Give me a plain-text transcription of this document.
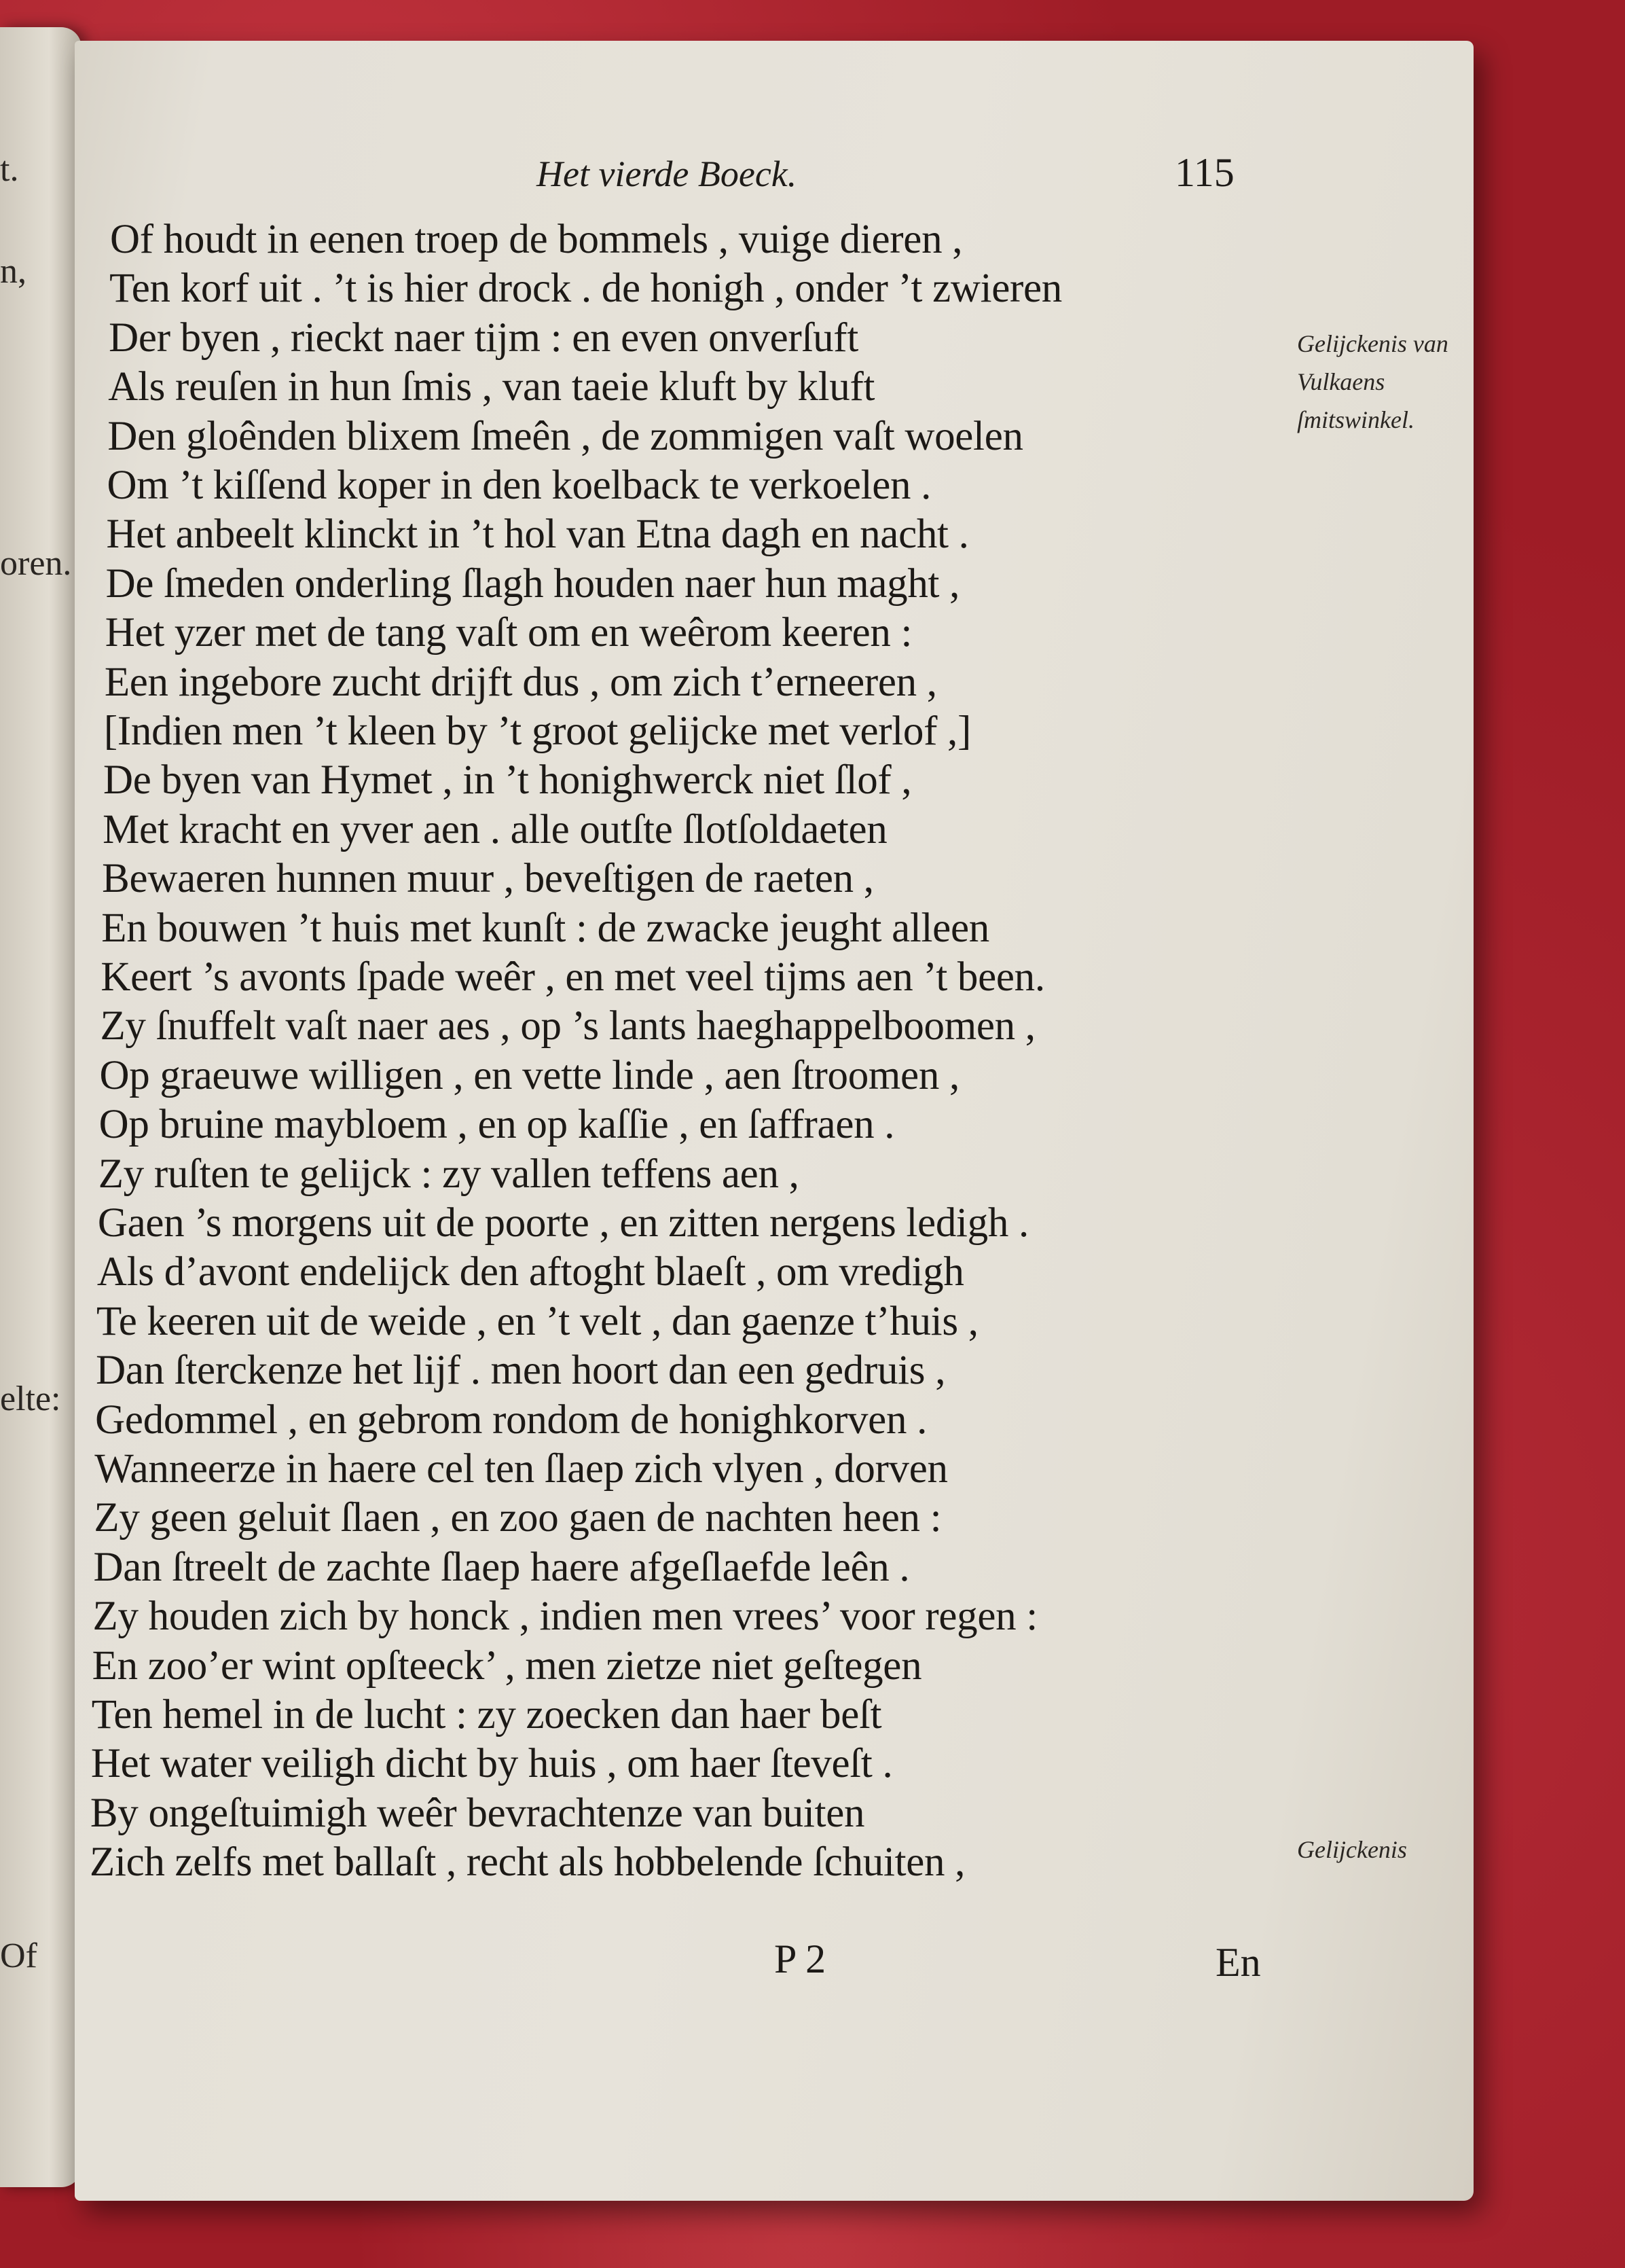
t.
n,
oren.
elte:
Of
Het vierde Boeck.	115
Of houdt in eenen troep de bommels , vuige dieren ,
Ten korf uit . ’t is hier drock . de honigh , onder ’t zwieren
Der byen , rieckt naer tijm : en even onverſuft
Als reuſen in hun ſmis , van taeie kluft by kluft
Den gloênden blixem ſmeên , de zommigen vaſt woelen
Om ’t kiſſend koper in den koelback te verkoelen .
Het anbeelt klinckt in ’t hol van Etna dagh en nacht .
De ſmeden onderling ſlagh houden naer hun maght ,
Het yzer met de tang vaſt om en weêrom keeren :
Een ingebore zucht drijft dus , om zich t’erneeren ,
[Indien men ’t kleen by ’t groot gelijcke met verlof ,]
De byen van Hymet , in ’t honighwerck niet ſlof ,
Met kracht en yver aen . alle outſte ſlotſoldaeten
Bewaeren hunnen muur , beveſtigen de raeten ,
En bouwen ’t huis met kunſt : de zwacke jeught alleen
Keert ’s avonts ſpade weêr , en met veel tijms aen ’t been.
Zy ſnuffelt vaſt naer aes , op ’s lants haeghappelboomen ,
Op graeuwe willigen , en vette linde , aen ſtroomen ,
Op bruine maybloem , en op kaſſie , en ſaffraen .
Zy ruſten te gelijck : zy vallen teffens aen ,
Gaen ’s morgens uit de poorte , en zitten nergens ledigh .
Als d’avont endelijck den aftoght blaeſt , om vredigh
Te keeren uit de weide , en ’t velt , dan gaenze t’huis ,
Dan ſterckenze het lijf . men hoort dan een gedruis ,
Gedommel , en gebrom rondom de honighkorven .
Wanneerze in haere cel ten ſlaep zich vlyen , dorven
Zy geen geluit ſlaen , en zoo gaen de nachten heen :
Dan ſtreelt de zachte ſlaep haere afgeſlaefde leên .
Zy houden zich by honck , indien men vrees’ voor regen :
En zoo’er wint opſteeck’ , men zietze niet geſtegen
Ten hemel in de lucht : zy zoecken dan haer beſt
Het water veiligh dicht by huis , om haer ſteveſt .
By ongeſtuimigh weêr bevrachtenze van buiten
Zich zelfs met ballaſt , recht als hobbelende ſchuiten ,
Gelijckenis van Vulkaens ſmitswinkel.
Gelijckenis
P 2	En
